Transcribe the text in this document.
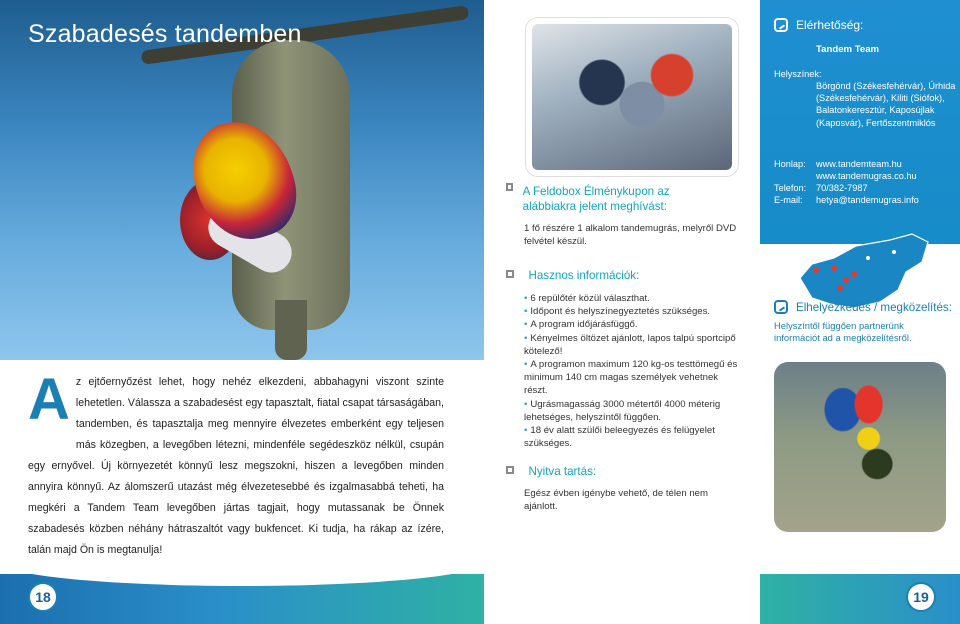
Szabadesés tandemben
A z ejtőernyőzést lehet, hogy nehéz elkezdeni, abbahagyni viszont szinte lehetetlen. Válassza a szabadesést egy tapasztalt, fiatal csapat társaságában, tandemben, és tapasztalja meg mennyire élvezetes emberként egy teljesen más közegben, a levegőben létezni, mindenféle segédeszköz nélkül, csupán egy ernyővel. Új környezetét könnyű lesz megszokni, hiszen a levegőben minden annyira könnyű. Az álomszerű utazást még élvezetesebbé és izgalmasabbá teheti, ha megkéri a Tandem Team levegőben jártas tagjait, hogy mutassanak be Önnek szabadesés közben néhány hátraszaltót vagy bukfencet. Ki tudja, ha rákap az ízére, talán majd Ön is megtanulja!
18
A Feldobox Élménykupon az alábbiakra jelent meghívást:
1 fő részére 1 alkalom tandemugrás, melyről DVD felvétel készül.
Hasznos információk:
• 6 repülőtér közül választhat.
• Időpont és helyszínegyeztetés szükséges.
• A program időjárásfüggő.
• Kényelmes öltözet ajánlott, lapos talpú sportcipő kötelező!
• A programon maximum 120 kg-os testtömegű és minimum 140 cm magas személyek vehetnek részt.
• Ugrásmagasság 3000 métertől 4000 méterig lehetséges, helyszíntől függően.
• 18 év alatt szülői beleegyezés és felügyelet szükséges.
Nyitva tartás:
Egész évben igénybe vehető, de télen nem ajánlott.
Elérhetőség:
Tandem Team
Helyszínek:
Börgönd (Székesfehérvár), Úrhida (Székesfehérvár), Kiliti (Siófok), Balatonkeresztúr, Kaposújlak (Kaposvár), Fertőszentmiklós
Honlap: www.tandemteam.hu
www.tandemugras.co.hu
Telefon: 70/382-7987
E-mail: hetya@tandemugras.info
Elhelyezkedés / megközelítés:
Helyszíntől függően partnerünk információt ad a megközelítésről.
19
